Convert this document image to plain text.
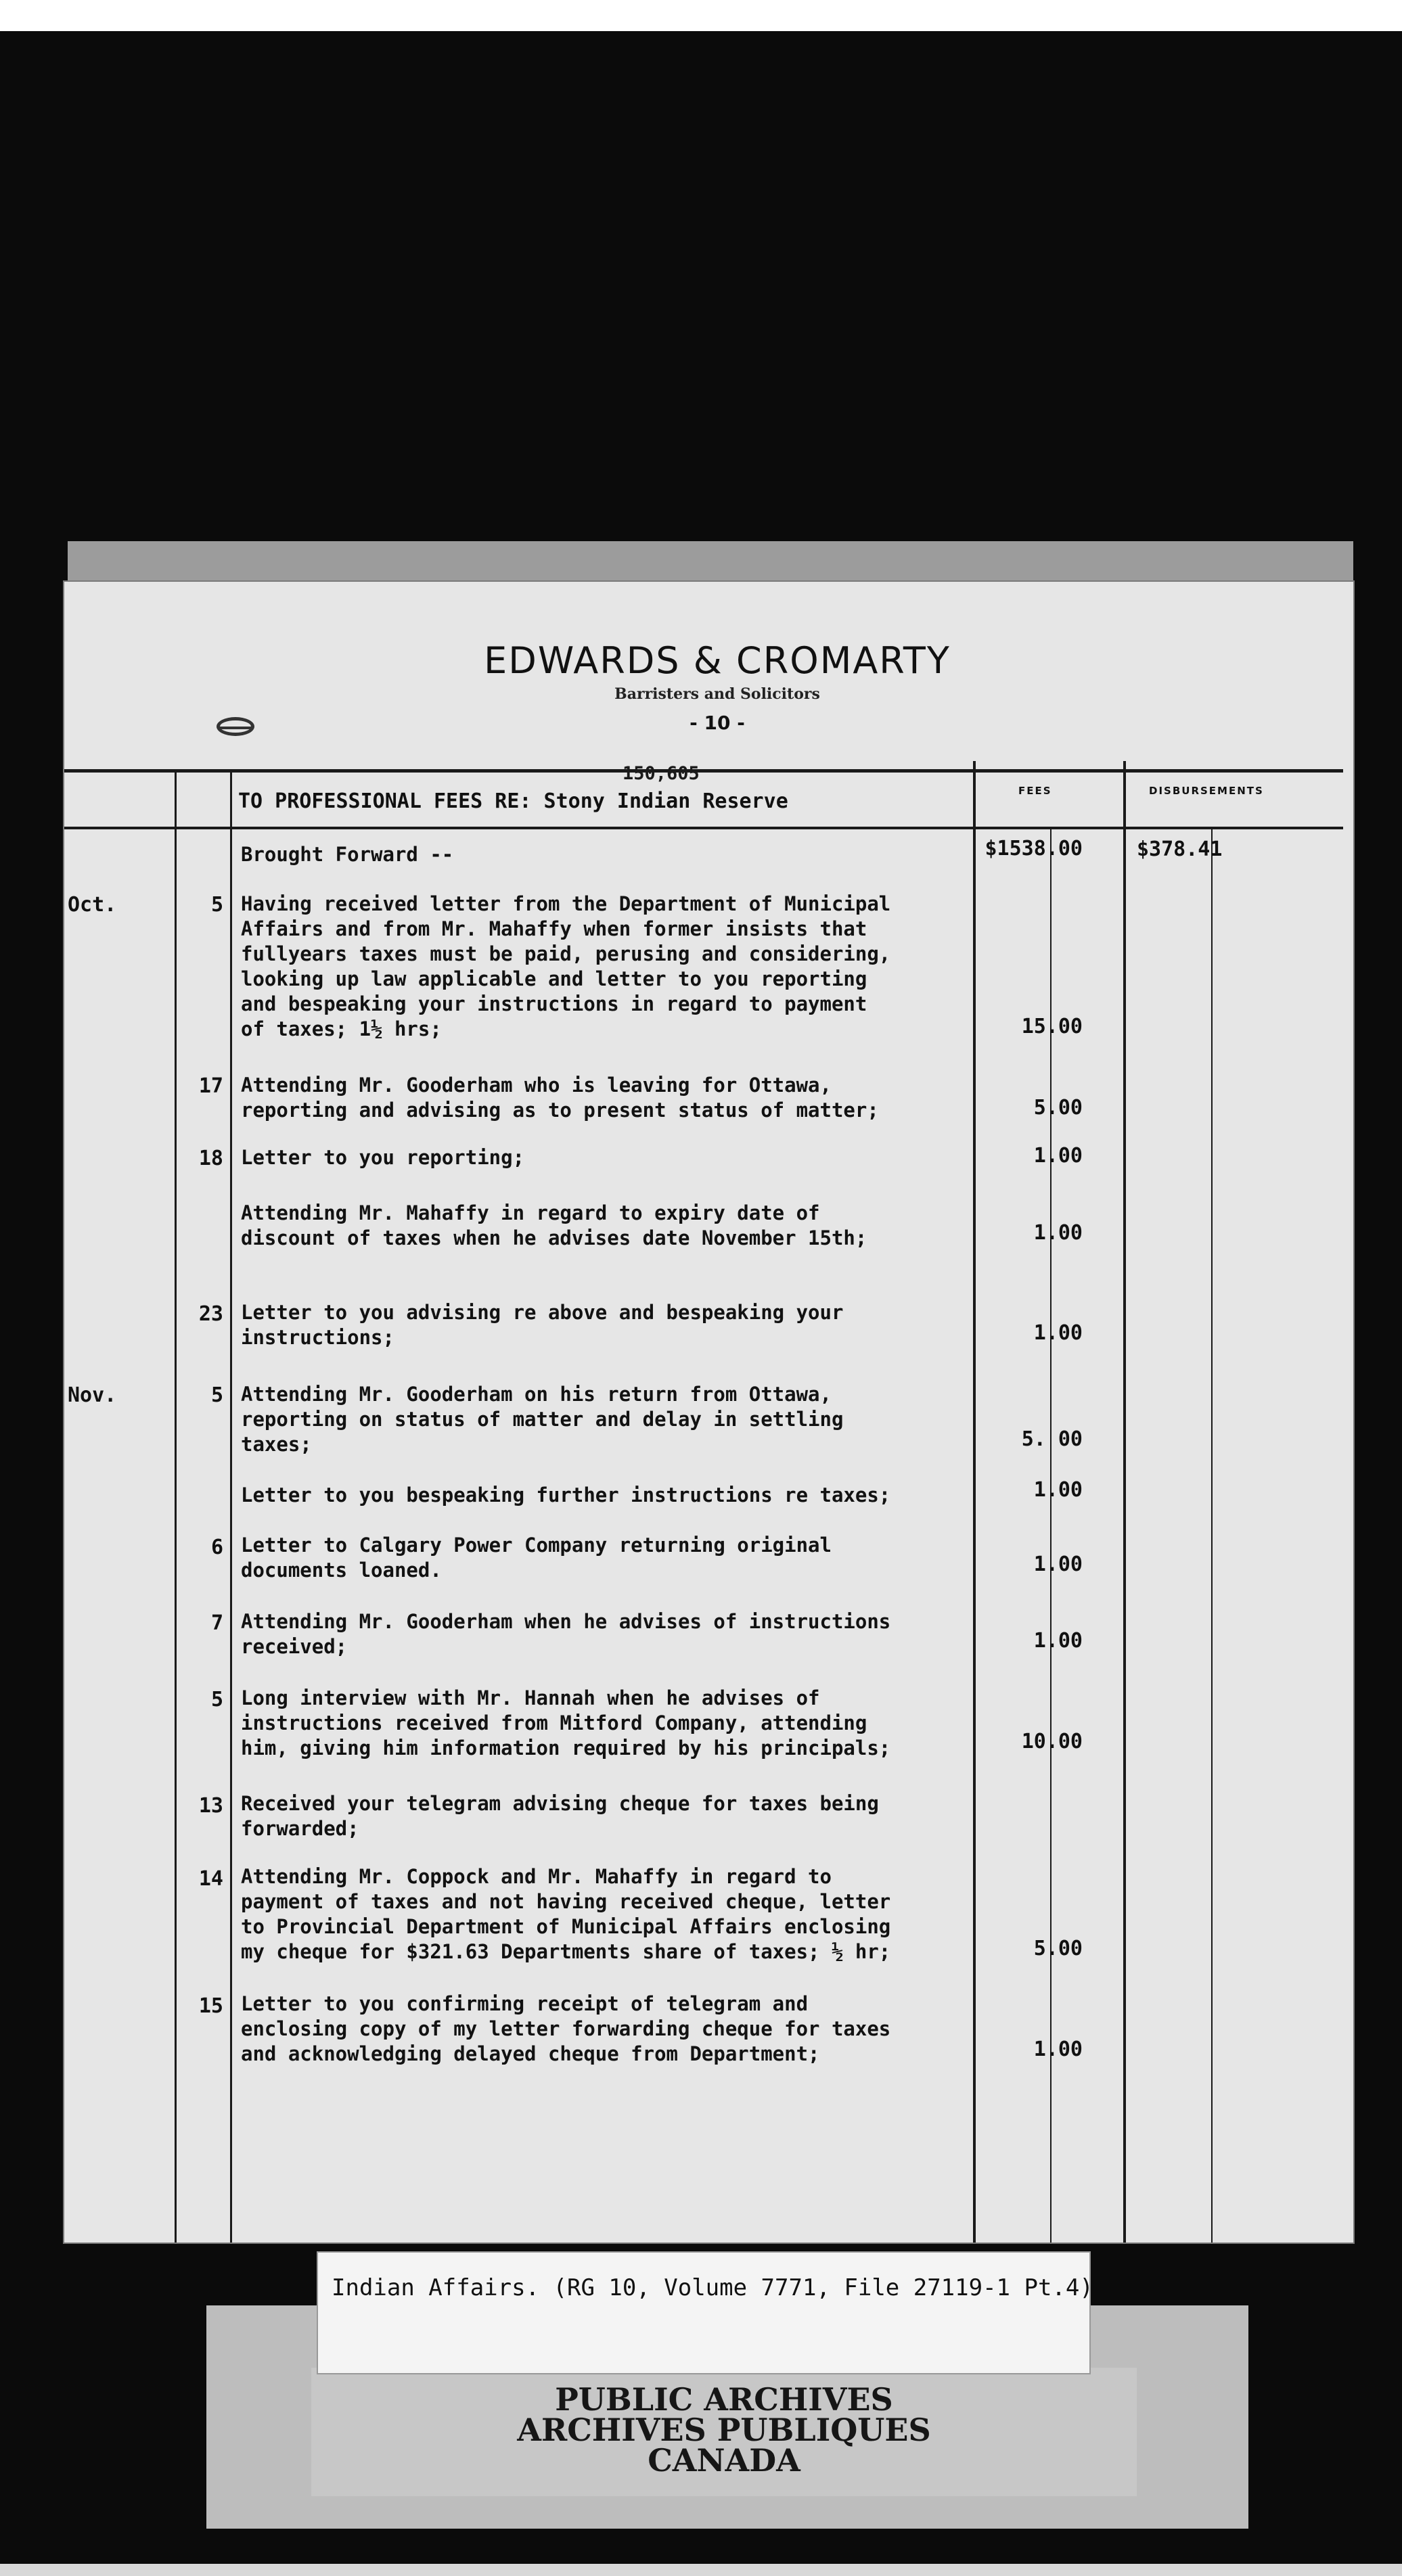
EDWARDS & CROMARTY
Barristers and Solicitors
- 10 -
150,605
TO PROFESSIONAL FEES RE: Stony Indian Reserve	FEES	DISBURSEMENTS
Brought Forward --	$1538.00	$378.41
Oct.	5 Having received letter from the Department of Municipal
Affairs and from Mr. Mahaffy when former insists that
fullyears taxes must be paid, perusing and considering,
looking up law applicable and letter to you reporting
and bespeaking your instructions in regard to payment
of taxes; 1½ hrs;	15.00
17 Attending Mr. Gooderham who is leaving for Ottawa,
reporting and advising as to present status of matter;	5.00
18 Letter to you reporting;	1.00
Attending Mr. Mahaffy in regard to expiry date of
discount of taxes when he advises date November 15th;	1.00
23 Letter to you advising re above and bespeaking your
instructions;	1.00
Nov.	5 Attending Mr. Gooderham on his return from Ottawa,
reporting on status of matter and delay in settling
taxes;	5. 00
Letter to you bespeaking further instructions re taxes;	1.00
6 Letter to Calgary Power Company returning original
documents loaned.	1.00
7 Attending Mr. Gooderham when he advises of instructions
received;	1.00
5 Long interview with Mr. Hannah when he advises of
instructions received from Mitford Company, attending
him, giving him information required by his principals;	10.00
13 Received your telegram advising cheque for taxes being
forwarded;
14 Attending Mr. Coppock and Mr. Mahaffy in regard to
payment of taxes and not having received cheque, letter
to Provincial Department of Municipal Affairs enclosing
my cheque for $321.63 Departments share of taxes; ½ hr;	5.00
15 Letter to you confirming receipt of telegram and
enclosing copy of my letter forwarding cheque for taxes
and acknowledging delayed cheque from Department;	1.00
Indian Affairs. (RG 10, Volume 7771, File 27119-1 Pt.4)
PUBLIC ARCHIVES
ARCHIVES PUBLIQUES
CANADA
